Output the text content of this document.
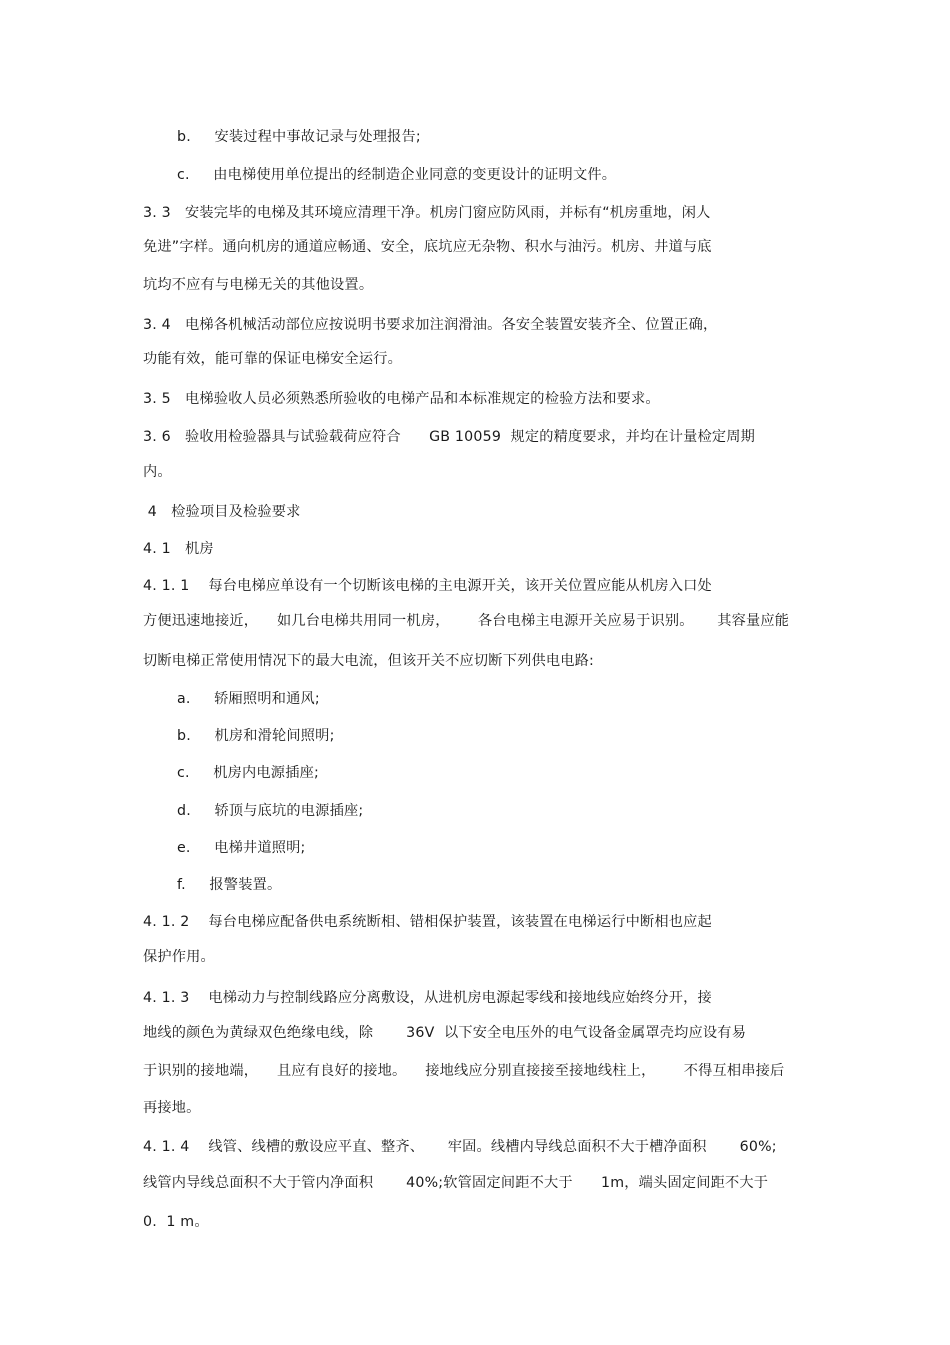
b.     安装过程中事故记录与处理报告;
c.     由电梯使用单位提出的经制造企业同意的变更设计的证明文件。
3. 3   安装完毕的电梯及其环境应清理干净。机房门窗应防风雨，并标有“机房重地，闲人
免进”字样。通向机房的通道应畅通、安全，底坑应无杂物、积水与油污。机房、井道与底
坑均不应有与电梯无关的其他设置。
3. 4   电梯各机械活动部位应按说明书要求加注润滑油。各安全装置安装齐全、位置正确，
功能有效，能可靠的保证电梯安全运行。
3. 5   电梯验收人员必须熟悉所验收的电梯产品和本标准规定的检验方法和要求。
3. 6   验收用检验器具与试验载荷应符合      GB 10059  规定的精度要求，并均在计量检定周期
内。
4   检验项目及检验要求
4. 1   机房
4. 1. 1    每台电梯应单设有一个切断该电梯的主电源开关，该开关位置应能从机房入口处
方便迅速地接近，    如几台电梯共用同一机房，      各台电梯主电源开关应易于识别。     其容量应能
切断电梯正常使用情况下的最大电流，但该开关不应切断下列供电电路:
a.     轿厢照明和通风;
b.     机房和滑轮间照明;
c.     机房内电源插座;
d.     轿顶与底坑的电源插座;
e.     电梯井道照明;
f.     报警装置。
4. 1. 2    每台电梯应配备供电系统断相、错相保护装置，该装置在电梯运行中断相也应起
保护作用。
4. 1. 3    电梯动力与控制线路应分离敷设，从进机房电源起零线和接地线应始终分开，接
地线的颜色为黄绿双色绝缘电线，除       36V  以下安全电压外的电气设备金属罩壳均应设有易
于识别的接地端，    且应有良好的接地。    接地线应分别直接接至接地线柱上，      不得互相串接后
再接地。
4. 1. 4    线管、线槽的敷设应平直、整齐、     牢固。线槽内导线总面积不大于槽净面积       60%;
线管内导线总面积不大于管内净面积       40%;软管固定间距不大于      1m，端头固定间距不大于
0.  1 m。
